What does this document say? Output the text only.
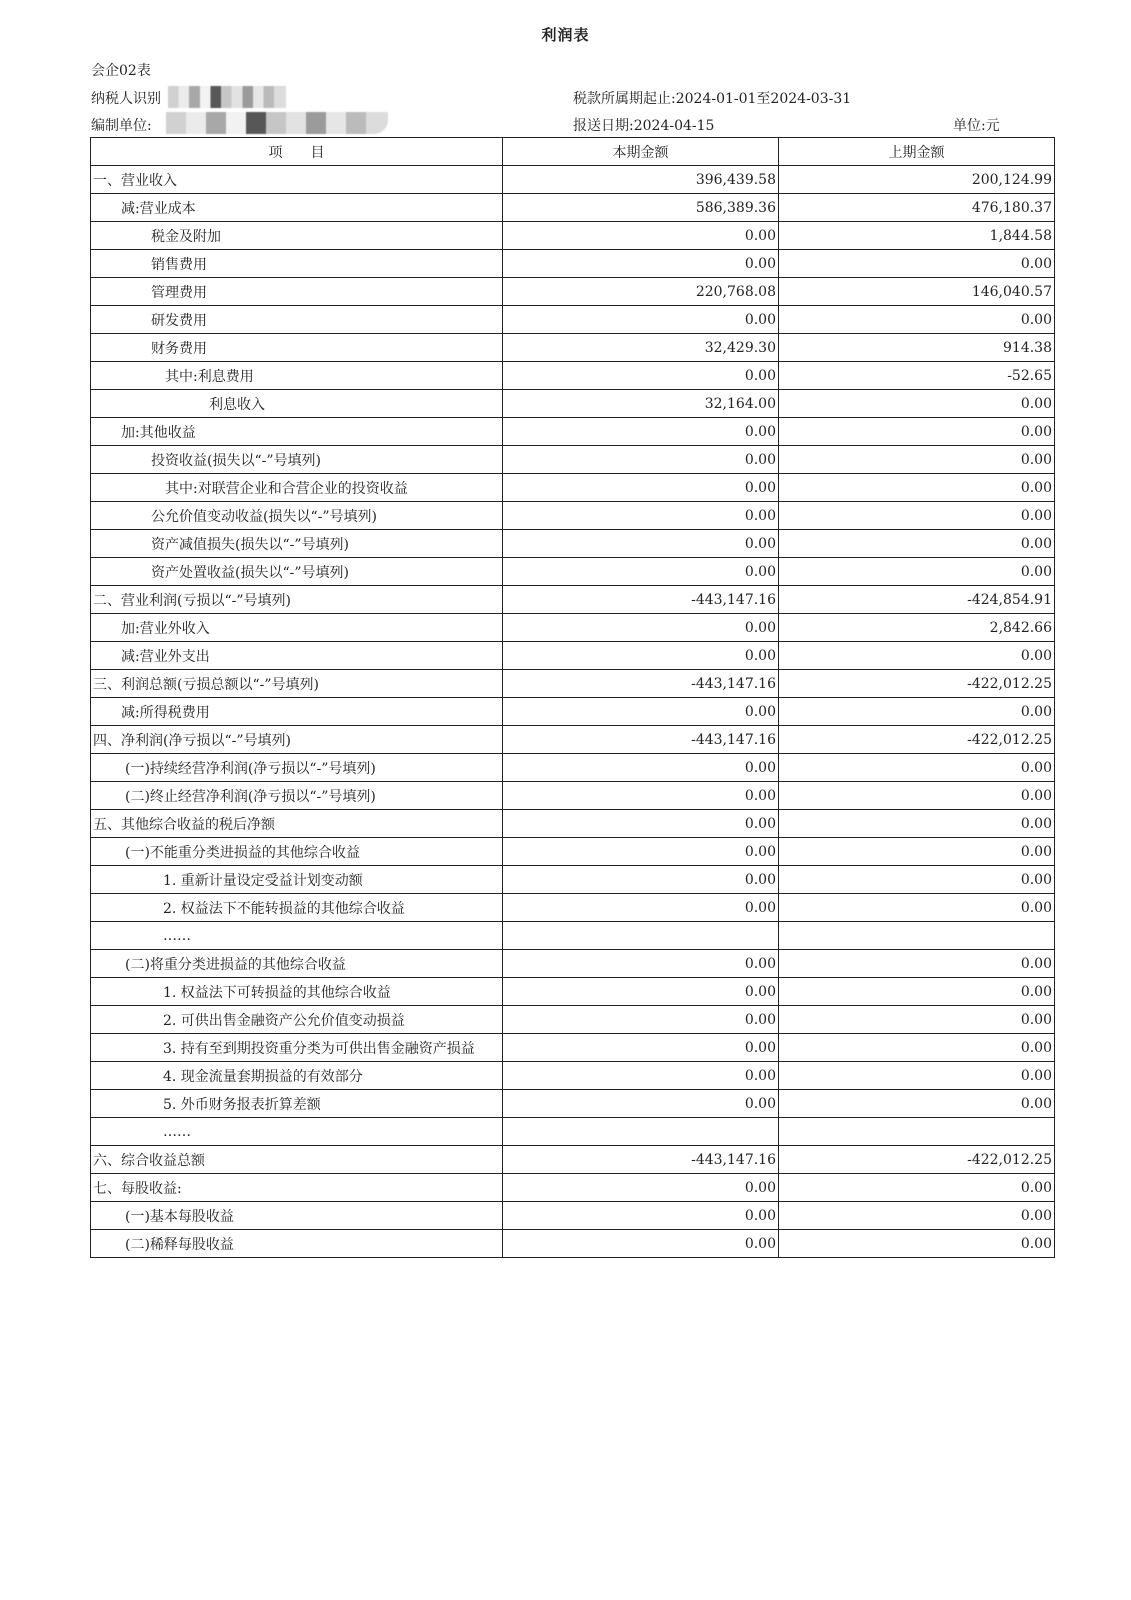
利润表
会企02表
纳税人识别	税款所属期起止:2024-01-01至2024-03-31
编制单位:	报送日期:2024-04-15	单位:元
项　　目	本期金额	上期金额
一、营业收入	396,439.58	200,124.99
减:营业成本	586,389.36	476,180.37
税金及附加	0.00	1,844.58
销售费用	0.00	0.00
管理费用	220,768.08	146,040.57
研发费用	0.00	0.00
财务费用	32,429.30	914.38
其中:利息费用	0.00	-52.65
利息收入	32,164.00	0.00
加:其他收益	0.00	0.00
投资收益(损失以“-”号填列)	0.00	0.00
其中:对联营企业和合营企业的投资收益	0.00	0.00
公允价值变动收益(损失以“-”号填列)	0.00	0.00
资产减值损失(损失以“-”号填列)	0.00	0.00
资产处置收益(损失以“-”号填列)	0.00	0.00
二、营业利润(亏损以“-”号填列)	-443,147.16	-424,854.91
加:营业外收入	0.00	2,842.66
减:营业外支出	0.00	0.00
三、利润总额(亏损总额以“-”号填列)	-443,147.16	-422,012.25
减:所得税费用	0.00	0.00
四、净利润(净亏损以“-”号填列)	-443,147.16	-422,012.25
(一)持续经营净利润(净亏损以“-”号填列)	0.00	0.00
(二)终止经营净利润(净亏损以“-”号填列)	0.00	0.00
五、其他综合收益的税后净额	0.00	0.00
(一)不能重分类进损益的其他综合收益	0.00	0.00
1. 重新计量设定受益计划变动额	0.00	0.00
2. 权益法下不能转损益的其他综合收益	0.00	0.00
……		
(二)将重分类进损益的其他综合收益	0.00	0.00
1. 权益法下可转损益的其他综合收益	0.00	0.00
2. 可供出售金融资产公允价值变动损益	0.00	0.00
3. 持有至到期投资重分类为可供出售金融资产损益	0.00	0.00
4. 现金流量套期损益的有效部分	0.00	0.00
5. 外币财务报表折算差额	0.00	0.00
……		
六、综合收益总额	-443,147.16	-422,012.25
七、每股收益:	0.00	0.00
(一)基本每股收益	0.00	0.00
(二)稀释每股收益	0.00	0.00
